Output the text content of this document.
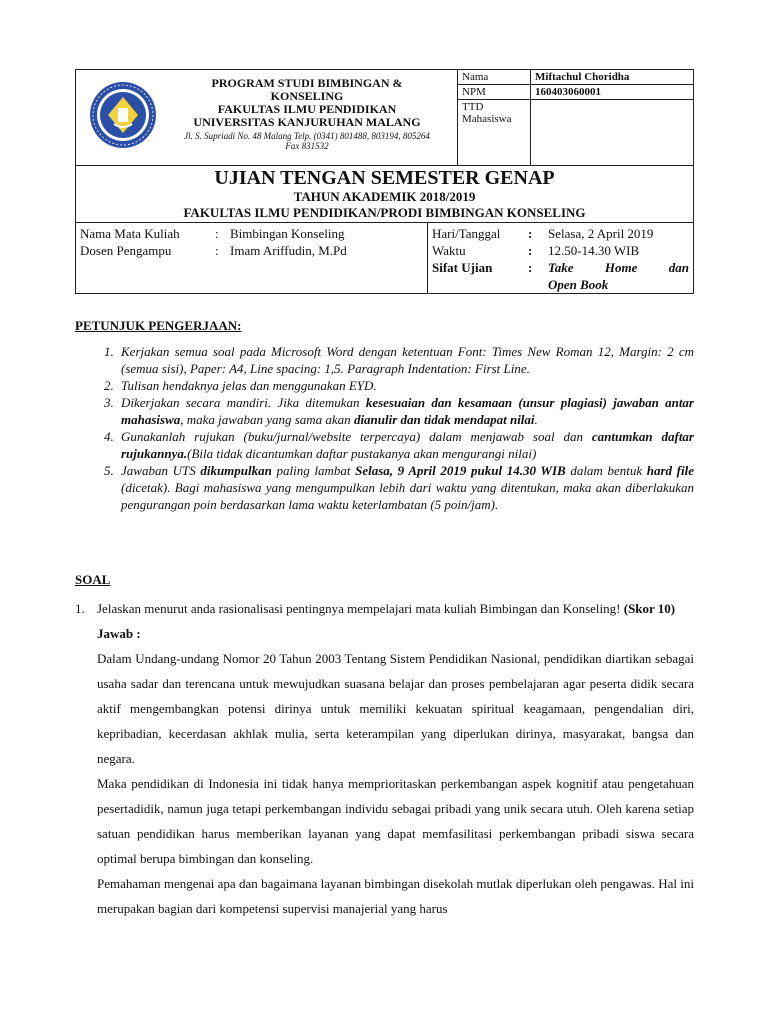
PROGRAM STUDI BIMBINGAN &
KONSELING
FAKULTAS ILMU PENDIDIKAN
UNIVERSITAS KANJURUHAN MALANG
Jl. S. Supriadi No. 48 Malang Telp. (0341) 801488, 803194, 805264
Fax 831532
Nama	Miftachul Choridha
NPM	160403060001
TTD Mahasiswa
UJIAN TENGAN SEMESTER GENAP
TAHUN AKADEMIK 2018/2019
FAKULTAS ILMU PENDIDIKAN/PRODI BIMBINGAN KONSELING
Nama Mata Kuliah	: Bimbingan Konseling
Dosen Pengampu	: Imam Ariffudin, M.Pd
Hari/Tanggal	:	Selasa, 2 April 2019
Waktu	:	12.50-14.30 WIB
Sifat Ujian	:	Take Home dan
Open Book
PETUNJUK PENGERJAAN:
1. Kerjakan semua soal pada Microsoft Word dengan ketentuan Font: Times New Roman 12, Margin: 2 cm (semua sisi), Paper: A4, Line spacing: 1,5. Paragraph Indentation: First Line.
2. Tulisan hendaknya jelas dan menggunakan EYD.
3. Dikerjakan secara mandiri. Jika ditemukan kesesuaian dan kesamaan (unsur plagiasi) jawaban antar mahasiswa, maka jawaban yang sama akan dianulir dan tidak mendapat nilai.
4. Gunakanlah rujukan (buku/jurnal/website terpercaya) dalam menjawab soal dan cantumkan daftar rujukannya.(Bila tidak dicantumkan daftar pustakanya akan mengurangi nilai)
5. Jawaban UTS dikumpulkan paling lambat Selasa, 9 April 2019 pukul 14.30 WIB dalam bentuk hard file (dicetak). Bagi mahasiswa yang mengumpulkan lebih dari waktu yang ditentukan, maka akan diberlakukan pengurangan poin berdasarkan lama waktu keterlambatan (5 poin/jam).
SOAL
1. Jelaskan menurut anda rasionalisasi pentingnya mempelajari mata kuliah Bimbingan dan Konseling! (Skor 10)

Jawab :

Dalam Undang-undang Nomor 20 Tahun 2003 Tentang Sistem Pendidikan Nasional, pendidikan diartikan sebagai usaha sadar dan terencana untuk mewujudkan suasana belajar dan proses pembelajaran agar peserta didik secara aktif mengembangkan potensi dirinya untuk memiliki kekuatan spiritual keagamaan, pengendalian diri, kepribadian, kecerdasan akhlak mulia, serta keterampilan yang diperlukan dirinya, masyarakat, bangsa dan negara.

Maka pendidikan di Indonesia ini tidak hanya memprioritaskan perkembangan aspek kognitif atau pengetahuan pesertadidik, namun juga tetapi perkembangan individu sebagai pribadi yang unik secara utuh. Oleh karena setiap satuan pendidikan harus memberikan layanan yang dapat memfasilitasi perkembangan pribadi siswa secara optimal berupa bimbingan dan konseling.

Pemahaman mengenai apa dan bagaimana layanan bimbingan disekolah mutlak diperlukan oleh pengawas. Hal ini merupakan bagian dari kompetensi supervisi manajerial yang harus
